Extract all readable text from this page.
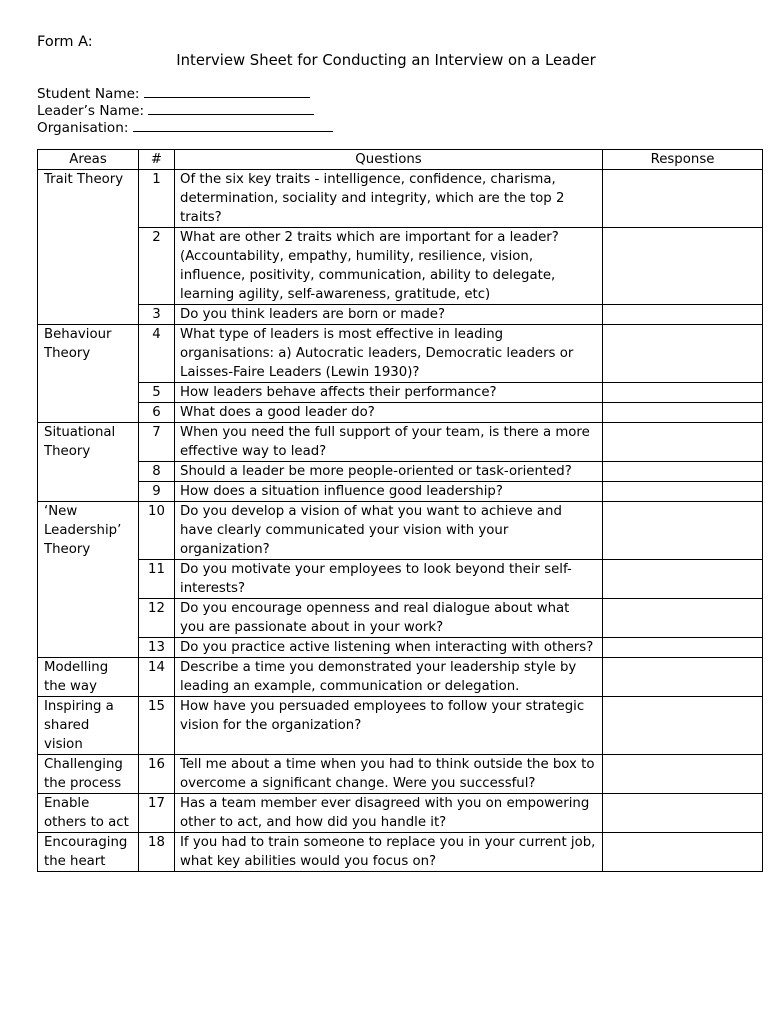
Form A:
Interview Sheet for Conducting an Interview on a Leader
Student Name:
Leader’s Name:
Organisation:
Areas	#	Questions	Response
Trait Theory	1	Of the six key traits - intelligence, confidence, charisma, determination, sociality and integrity, which are the top 2 traits?	
	2	What are other 2 traits which are important for a leader? (Accountability, empathy, humility, resilience, vision, influence, positivity, communication, ability to delegate, learning agility, self-awareness, gratitude, etc)	
	3	Do you think leaders are born or made?	
Behaviour Theory	4	What type of leaders is most effective in leading organisations: a) Autocratic leaders, Democratic leaders or Laisses-Faire Leaders (Lewin 1930)?	
	5	How leaders behave affects their performance?	
	6	What does a good leader do?	
Situational Theory	7	When you need the full support of your team, is there a more effective way to lead?	
	8	Should a leader be more people-oriented or task-oriented?	
	9	How does a situation influence good leadership?	
‘New Leadership’ Theory	10	Do you develop a vision of what you want to achieve and have clearly communicated your vision with your organization?	
	11	Do you motivate your employees to look beyond their self-interests?	
	12	Do you encourage openness and real dialogue about what you are passionate about in your work?	
	13	Do you practice active listening when interacting with others?	
Modelling the way	14	Describe a time you demonstrated your leadership style by leading an example, communication or delegation.	
Inspiring a shared vision	15	How have you persuaded employees to follow your strategic vision for the organization?	
Challenging the process	16	Tell me about a time when you had to think outside the box to overcome a significant change. Were you successful?	
Enable others to act	17	Has a team member ever disagreed with you on empowering other to act, and how did you handle it?	
Encouraging the heart	18	If you had to train someone to replace you in your current job, what key abilities would you focus on?	
